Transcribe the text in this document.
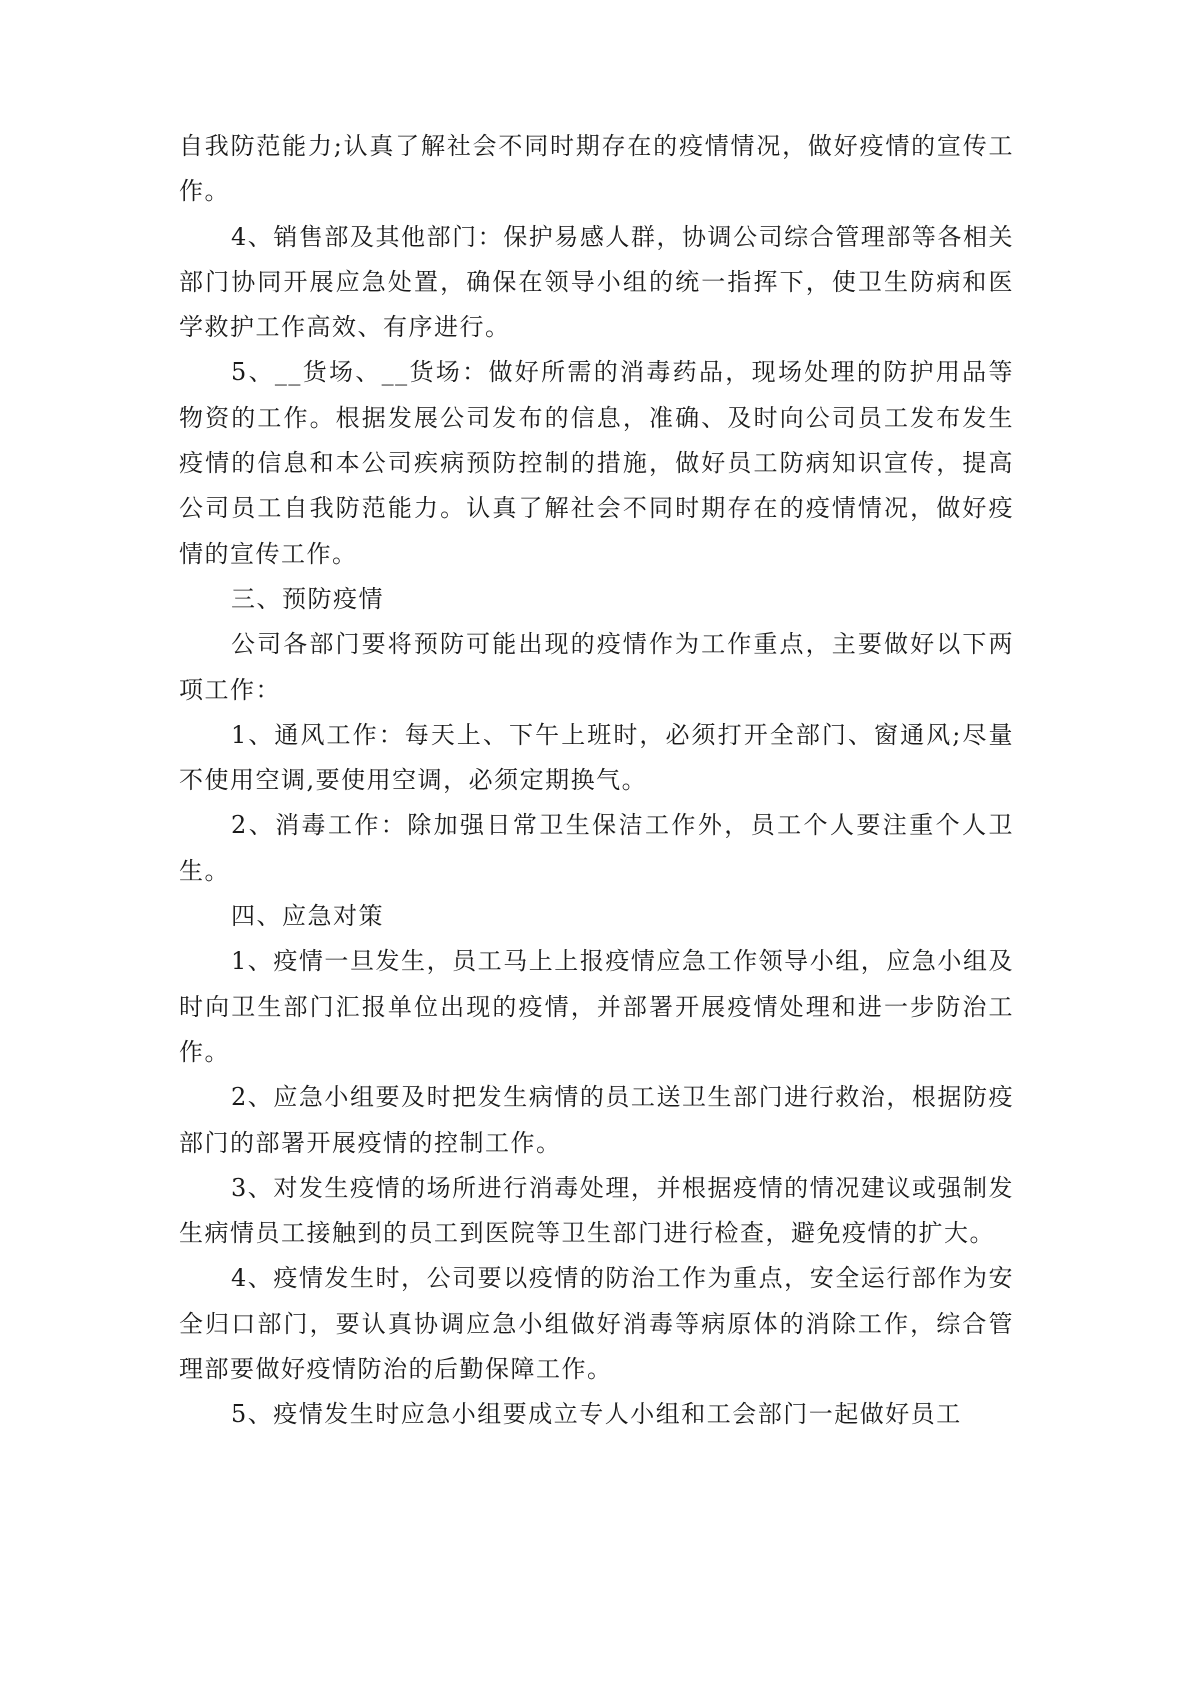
自我防范能力;认真了解社会不同时期存在的疫情情况，做好疫情的宣传工作。

4、销售部及其他部门：保护易感人群，协调公司综合管理部等各相关部门协同开展应急处置，确保在领导小组的统一指挥下，使卫生防病和医学救护工作高效、有序进行。

5、__货场、__货场：做好所需的消毒药品，现场处理的防护用品等物资的工作。根据发展公司发布的信息，准确、及时向公司员工发布发生疫情的信息和本公司疾病预防控制的措施，做好员工防病知识宣传，提高公司员工自我防范能力。认真了解社会不同时期存在的疫情情况，做好疫情的宣传工作。

三、预防疫情

公司各部门要将预防可能出现的疫情作为工作重点，主要做好以下两项工作：

1、通风工作：每天上、下午上班时，必须打开全部门、窗通风;尽量不使用空调,要使用空调，必须定期换气。

2、消毒工作：除加强日常卫生保洁工作外，员工个人要注重个人卫生。

四、应急对策

1、疫情一旦发生，员工马上上报疫情应急工作领导小组，应急小组及时向卫生部门汇报单位出现的疫情，并部署开展疫情处理和进一步防治工作。

2、应急小组要及时把发生病情的员工送卫生部门进行救治，根据防疫部门的部署开展疫情的控制工作。

3、对发生疫情的场所进行消毒处理，并根据疫情的情况建议或强制发生病情员工接触到的员工到医院等卫生部门进行检查，避免疫情的扩大。

4、疫情发生时，公司要以疫情的防治工作为重点，安全运行部作为安全归口部门，要认真协调应急小组做好消毒等病原体的消除工作，综合管理部要做好疫情防治的后勤保障工作。

5、疫情发生时应急小组要成立专人小组和工会部门一起做好员工
